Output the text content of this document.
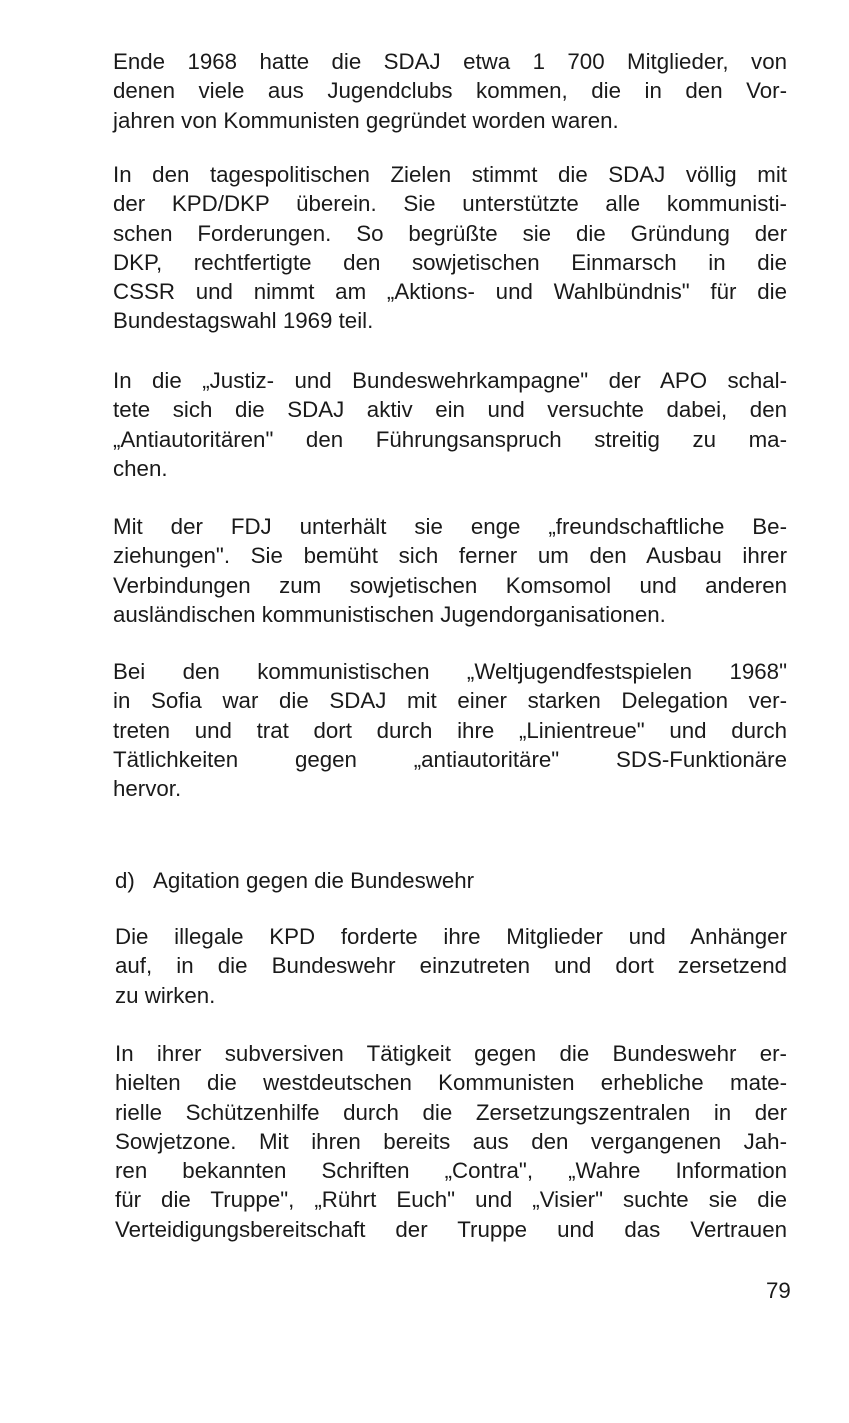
Ende 1968 hatte die SDAJ etwa 1 700 Mitglieder, von
denen viele aus Jugendclubs kommen, die in den Vor-
jahren von Kommunisten gegründet worden waren.
In den tagespolitischen Zielen stimmt die SDAJ völlig mit
der KPD/DKP überein. Sie unterstützte alle kommunisti-
schen Forderungen. So begrüßte sie die Gründung der
DKP, rechtfertigte den sowjetischen Einmarsch in die
CSSR und nimmt am „Aktions- und Wahlbündnis" für die
Bundestagswahl 1969 teil.
In die „Justiz- und Bundeswehrkampagne" der APO schal-
tete sich die SDAJ aktiv ein und versuchte dabei, den
„Antiautoritären" den Führungsanspruch streitig zu ma-
chen.
Mit der FDJ unterhält sie enge „freundschaftliche Be-
ziehungen". Sie bemüht sich ferner um den Ausbau ihrer
Verbindungen zum sowjetischen Komsomol und anderen
ausländischen kommunistischen Jugendorganisationen.
Bei den kommunistischen „Weltjugendfestspielen 1968"
in Sofia war die SDAJ mit einer starken Delegation ver-
treten und trat dort durch ihre „Linientreue" und durch
Tätlichkeiten gegen „antiautoritäre" SDS-Funktionäre
hervor.
d) Agitation gegen die Bundeswehr
Die illegale KPD forderte ihre Mitglieder und Anhänger
auf, in die Bundeswehr einzutreten und dort zersetzend
zu wirken.
In ihrer subversiven Tätigkeit gegen die Bundeswehr er-
hielten die westdeutschen Kommunisten erhebliche mate-
rielle Schützenhilfe durch die Zersetzungszentralen in der
Sowjetzone. Mit ihren bereits aus den vergangenen Jah-
ren bekannten Schriften „Contra", „Wahre Information
für die Truppe", „Rührt Euch" und „Visier" suchte sie die
Verteidigungsbereitschaft der Truppe und das Vertrauen
79
